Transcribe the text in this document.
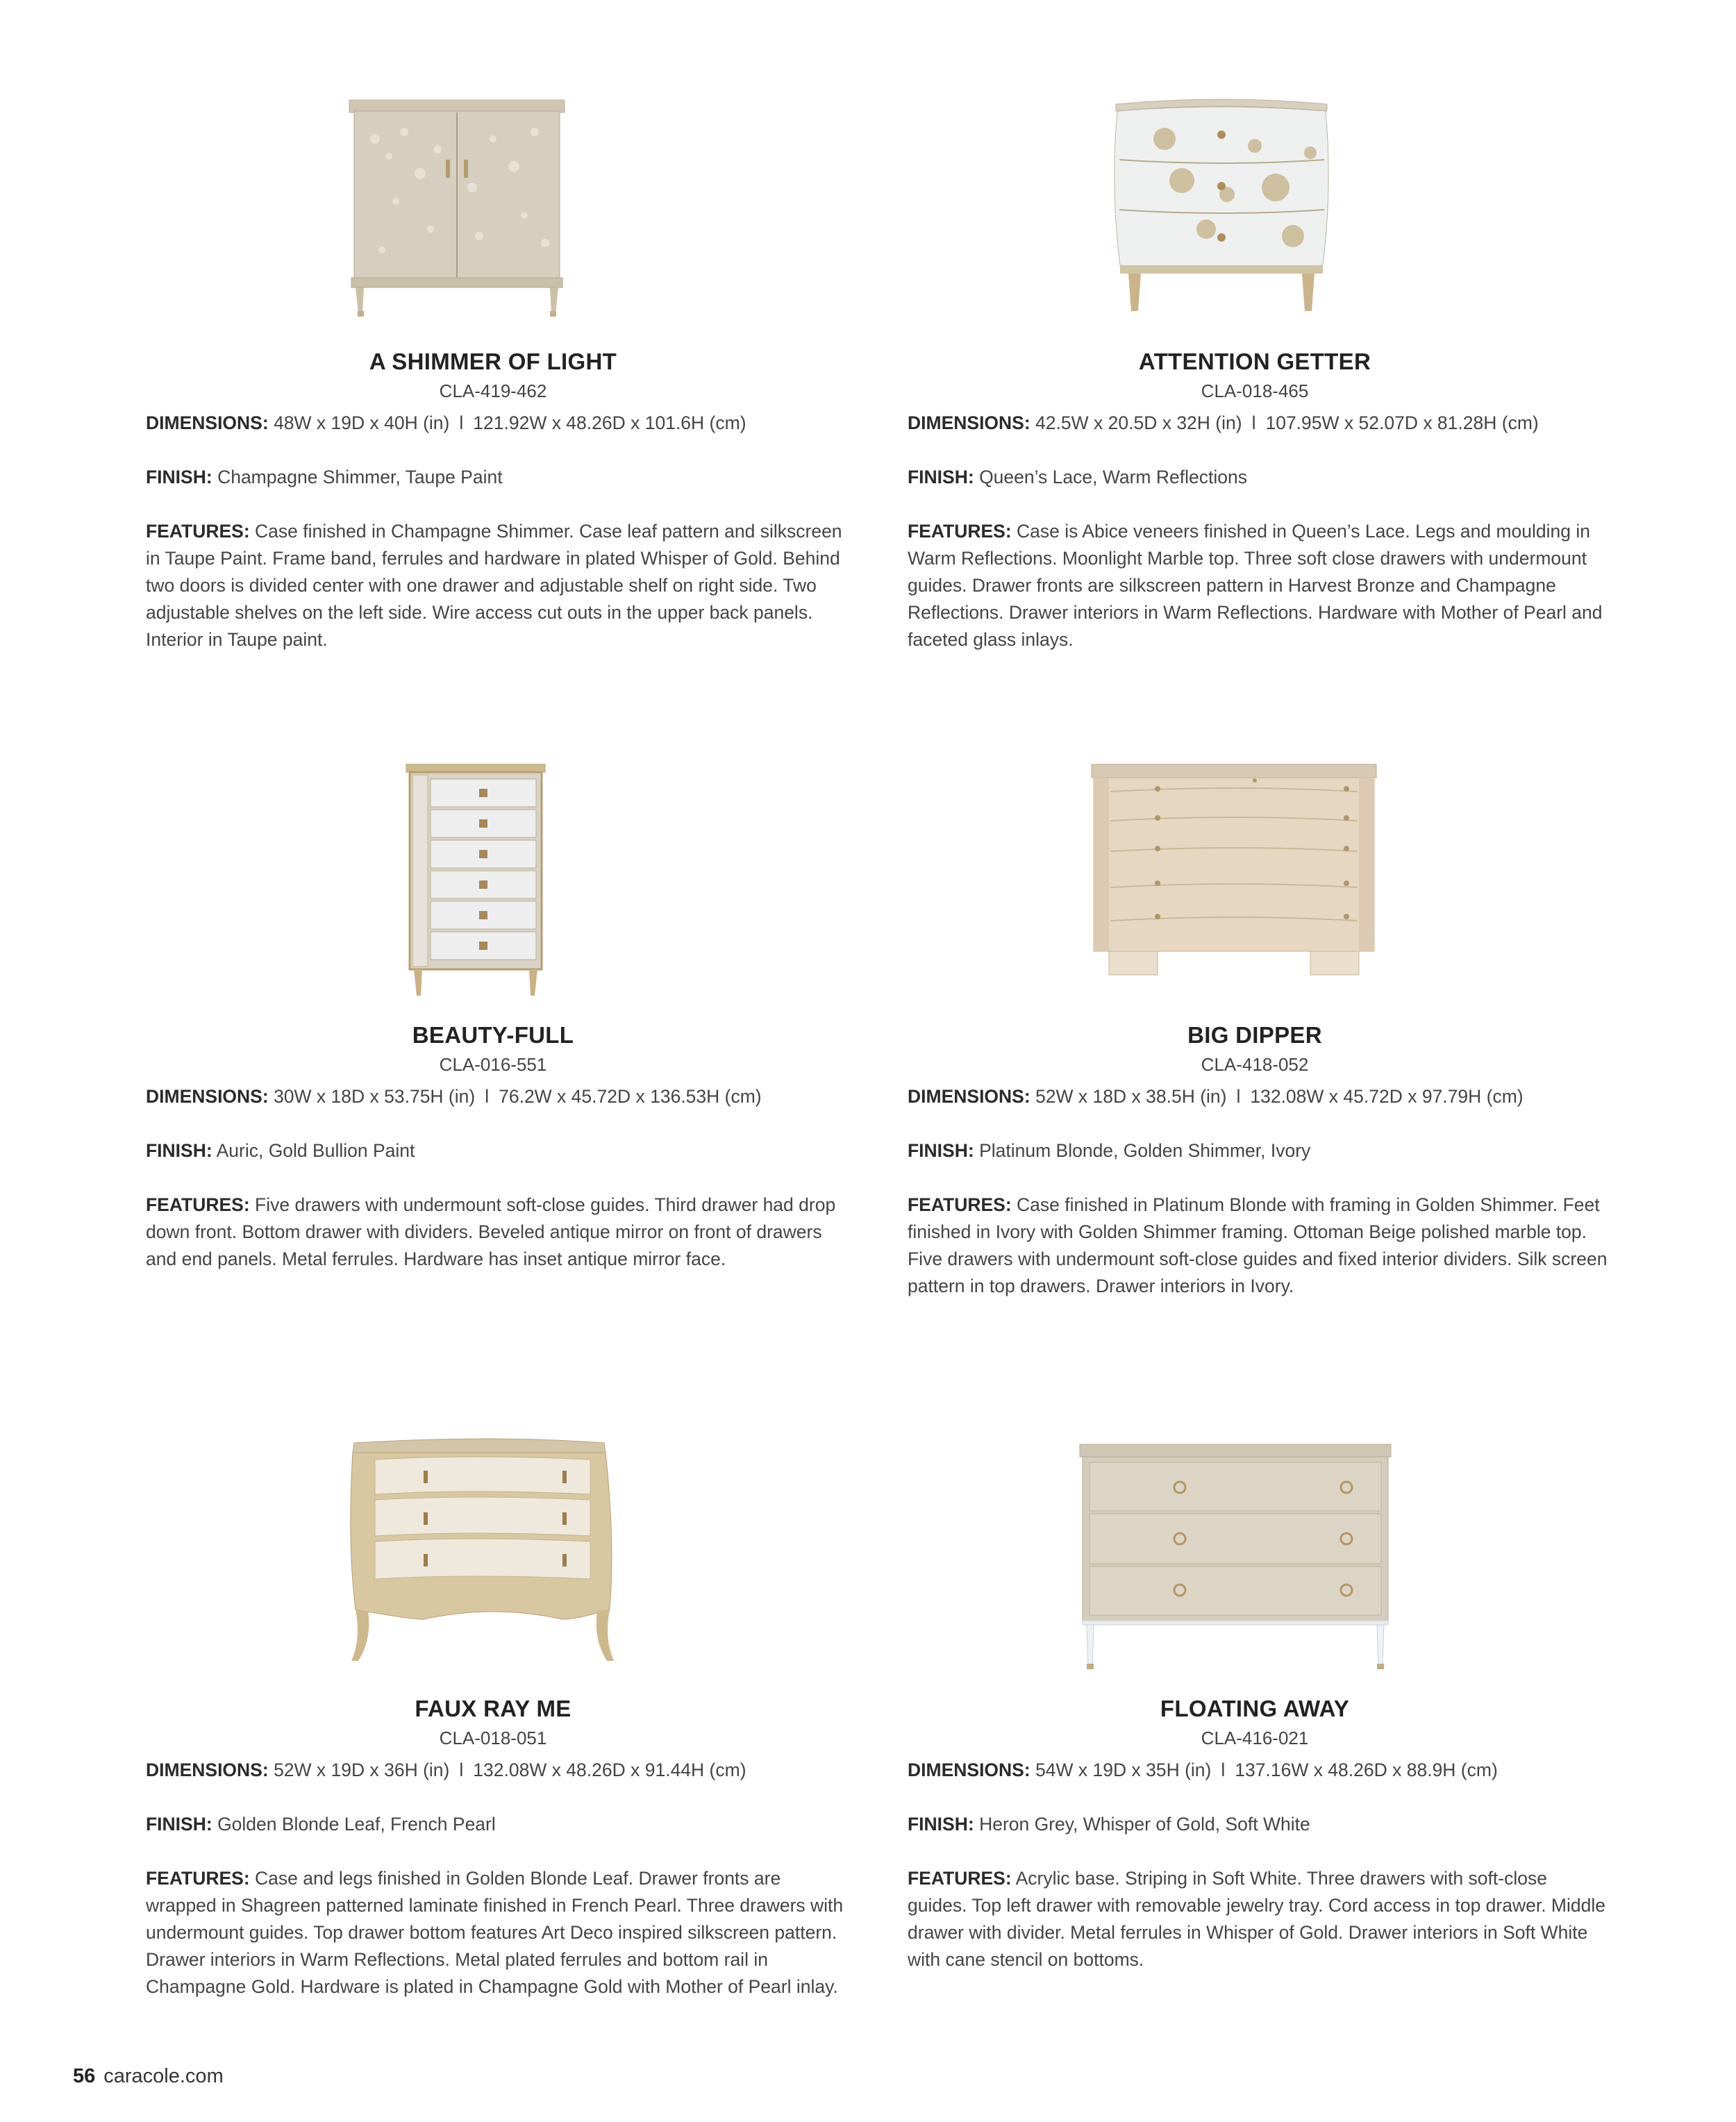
A SHIMMER OF LIGHT
CLA-419-462
DIMENSIONS: 48W x 19D x 40H (in) l 121.92W x 48.26D x 101.6H (cm)
FINISH: Champagne Shimmer, Taupe Paint
FEATURES: Case finished in Champagne Shimmer. Case leaf pattern and silkscreen in Taupe Paint. Frame band, ferrules and hardware in plated Whisper of Gold. Behind two doors is divided center with one drawer and adjustable shelf on right side. Two adjustable shelves on the left side. Wire access cut outs in the upper back panels. Interior in Taupe paint.
ATTENTION GETTER
CLA-018-465
DIMENSIONS: 42.5W x 20.5D x 32H (in) l 107.95W x 52.07D x 81.28H (cm)
FINISH: Queen’s Lace, Warm Reflections
FEATURES: Case is Abice veneers finished in Queen’s Lace. Legs and moulding in Warm Reflections. Moonlight Marble top. Three soft close drawers with undermount guides. Drawer fronts are silkscreen pattern in Harvest Bronze and Champagne Reflections. Drawer interiors in Warm Reflections. Hardware with Mother of Pearl and faceted glass inlays.
BEAUTY-FULL
CLA-016-551
DIMENSIONS: 30W x 18D x 53.75H (in) l 76.2W x 45.72D x 136.53H (cm)
FINISH: Auric, Gold Bullion Paint
FEATURES: Five drawers with undermount soft-close guides. Third drawer had drop down front. Bottom drawer with dividers. Beveled antique mirror on front of drawers and end panels. Metal ferrules. Hardware has inset antique mirror face.
BIG DIPPER
CLA-418-052
DIMENSIONS: 52W x 18D x 38.5H (in) l 132.08W x 45.72D x 97.79H (cm)
FINISH: Platinum Blonde, Golden Shimmer, Ivory
FEATURES: Case finished in Platinum Blonde with framing in Golden Shimmer. Feet finished in Ivory with Golden Shimmer framing. Ottoman Beige polished marble top. Five drawers with undermount soft-close guides and fixed interior dividers. Silk screen pattern in top drawers. Drawer interiors in Ivory.
FAUX RAY ME
CLA-018-051
DIMENSIONS: 52W x 19D x 36H (in) l 132.08W x 48.26D x 91.44H (cm)
FINISH: Golden Blonde Leaf, French Pearl
FEATURES: Case and legs finished in Golden Blonde Leaf. Drawer fronts are wrapped in Shagreen patterned laminate finished in French Pearl. Three drawers with undermount guides. Top drawer bottom features Art Deco inspired silkscreen pattern. Drawer interiors in Warm Reflections. Metal plated ferrules and bottom rail in Champagne Gold. Hardware is plated in Champagne Gold with Mother of Pearl inlay.
FLOATING AWAY
CLA-416-021
DIMENSIONS: 54W x 19D x 35H (in) l 137.16W x 48.26D x 88.9H (cm)
FINISH: Heron Grey, Whisper of Gold, Soft White
FEATURES: Acrylic base. Striping in Soft White. Three drawers with soft-close guides. Top left drawer with removable jewelry tray. Cord access in top drawer. Middle drawer with divider. Metal ferrules in Whisper of Gold. Drawer interiors in Soft White with cane stencil on bottoms.
56 caracole.com
